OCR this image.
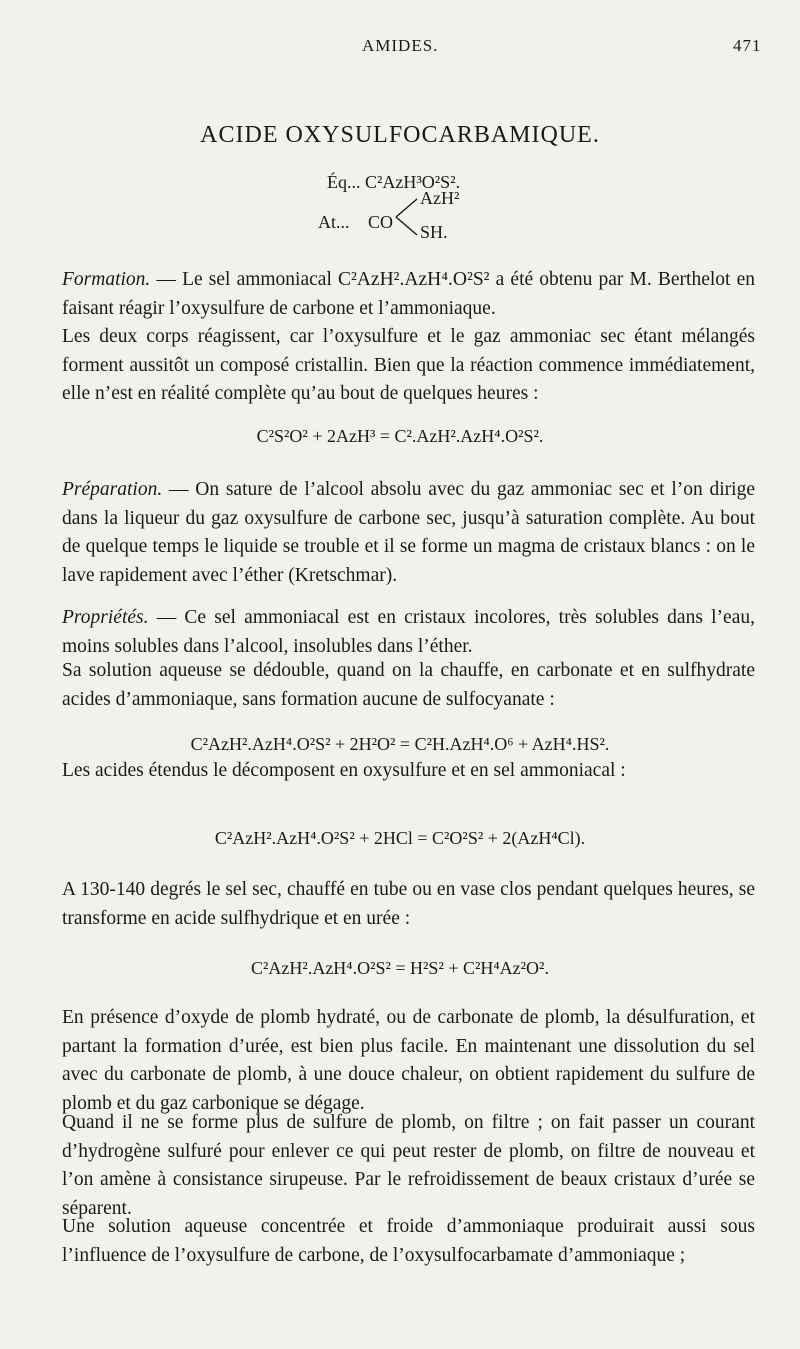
AMIDES.	471
ACIDE OXYSULFOCARBAMIQUE.
Éq... C²AzH³O²S².
At... CO
AzH²
SH.
Formation. — Le sel ammoniacal C²AzH².AzH⁴.O²S² a été obtenu par M. Berthelot en faisant réagir l’oxysulfure de carbone et l’ammoniaque.
Les deux corps réagissent, car l’oxysulfure et le gaz ammoniac sec étant mélangés forment aussitôt un composé cristallin. Bien que la réaction commence immédiatement, elle n’est en réalité complète qu’au bout de quelques heures :
C²S²O² + 2AzH³ = C².AzH².AzH⁴.O²S².
Préparation. — On sature de l’alcool absolu avec du gaz ammoniac sec et l’on dirige dans la liqueur du gaz oxysulfure de carbone sec, jusqu’à saturation complète. Au bout de quelque temps le liquide se trouble et il se forme un magma de cristaux blancs : on le lave rapidement avec l’éther (Kretschmar).
Propriétés. — Ce sel ammoniacal est en cristaux incolores, très solubles dans l’eau, moins solubles dans l’alcool, insolubles dans l’éther.
Sa solution aqueuse se dédouble, quand on la chauffe, en carbonate et en sulfhydrate acides d’ammoniaque, sans formation aucune de sulfocyanate :
C²AzH².AzH⁴.O²S² + 2H²O² = C²H.AzH⁴.O⁶ + AzH⁴.HS².
Les acides étendus le décomposent en oxysulfure et en sel ammoniacal :
C²AzH².AzH⁴.O²S² + 2HCl = C²O²S² + 2(AzH⁴Cl).
A 130-140 degrés le sel sec, chauffé en tube ou en vase clos pendant quelques heures, se transforme en acide sulfhydrique et en urée :
C²AzH².AzH⁴.O²S² = H²S² + C²H⁴Az²O².
En présence d’oxyde de plomb hydraté, ou de carbonate de plomb, la désulfuration, et partant la formation d’urée, est bien plus facile. En maintenant une dissolution du sel avec du carbonate de plomb, à une douce chaleur, on obtient rapidement du sulfure de plomb et du gaz carbonique se dégage.
Quand il ne se forme plus de sulfure de plomb, on filtre ; on fait passer un courant d’hydrogène sulfuré pour enlever ce qui peut rester de plomb, on filtre de nouveau et l’on amène à consistance sirupeuse. Par le refroidissement de beaux cristaux d’urée se séparent.
Une solution aqueuse concentrée et froide d’ammoniaque produirait aussi sous l’influence de l’oxysulfure de carbone, de l’oxysulfocarbamate d’ammoniaque ;
